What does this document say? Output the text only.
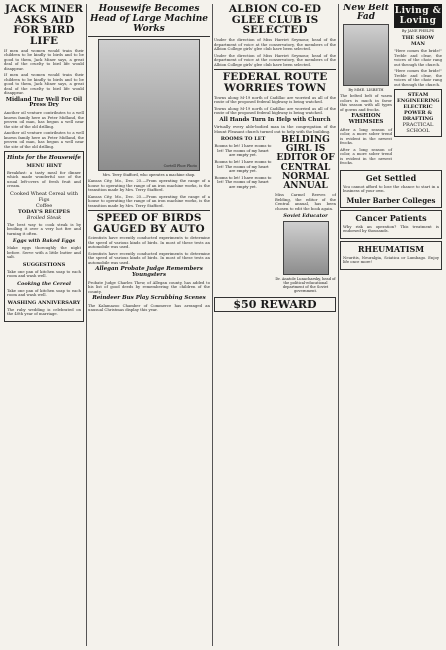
JACK MINER ASKS AID FOR BIRD LIFE

If men and women would train their children to be kindly to birds and to be good to them, Jack Miner says, a great deal of the cruelty to bird life would disappear.

If men and women would train their children to be kindly to birds and to be good to them, Jack Miner says, a great deal of the cruelty to bird life would disappear.

Midland Tur Well For Oil Press Dry

Another oil venture contributes to a well known family here as Peter Midland, the proven oil man, has begun a well near the site of the old drilling.

Another oil venture contributes to a well known family here as Peter Midland, the proven oil man, has begun a well near the site of the old drilling.

Hints for the Housewife
MENU HINT

Breakfast: a tasty meal for dinner which made wonderful use of the usual left-overs of fresh fruit and cream.

Cooked Wheat Cereal with Figs
Coffee
TODAY'S RECIPES
Broiled Steak

The best way to cook steak is by broiling it over a very hot fire and turning it often.

Eggs with Baked Eggs

Make eggs thoroughly the night before. Serve with a little butter and salt.

SUGGESTIONS

Take one pan of kitchen soap to each room and wash well.

Cooking the Cereal

Take one pan of kitchen soap to each room and wash well.

WASHING ANNIVERSARY

The ruby wedding is celebrated on the 40th year of marriage.

Housewife Becomes Head of Large Machine Works
Cortell Phoe Photo
Mrs. Terry Stafford, who operates a machine shop.

Kansas City, Mo., Dec. 25.—From operating the range of a house to operating the range of an iron machine works, is the transition made by Mrs. Terry Stafford.

Kansas City, Mo., Dec. 25.—From operating the range of a house to operating the range of an iron machine works, is the transition made by Mrs. Terry Stafford.

SPEED OF BIRDS GAUGED BY AUTO

Scientists have recently conducted experiments to determine the speed of various kinds of birds. In most of these tests an automobile was used.

Scientists have recently conducted experiments to determine the speed of various kinds of birds. In most of these tests an automobile was used.

Allegan Probate Judge Remembers Youngsters

Probate Judge Charles Thew, of Allegan county, has added to his list of good deeds by remembering the children of the county.

Reindeer Bus Play Scrubbing Scenes

The Kalamazoo Chamber of Commerce has arranged an unusual Christmas display this year.

ALBION CO-ED GLEE CLUB IS SELECTED

Under the direction of Miss Harriet Seymour, head of the department of voice at the conservatory, the members of the Albion College girls' glee club have been selected.

Under the direction of Miss Harriet Seymour, head of the department of voice at the conservatory, the members of the Albion College girls' glee club have been selected.

FEDERAL ROUTE WORRIES TOWN

Towns along M-19 north of Cadillac are worried as all of the route of the proposed federal highway is being watched.

Towns along M-19 north of Cadillac are worried as all of the route of the proposed federal highway is being watched.

All Hands Turn In Help with Church

Virtually every able-bodied man in the congregation of the Mount Pleasant church turned out to help with the building.

ROOMS TO LET
Rooms to let! I have rooms to let! The rooms of my heart are empty yet.
Rooms to let! I have rooms to let! The rooms of my heart are empty yet.
Rooms to let! I have rooms to let! The rooms of my heart are empty yet.
BELDING GIRL IS EDITOR OF CENTRAL NORMAL ANNUAL

Miss Carmel Reeves of Belding, the editor of the Central annual, has been chosen to edit the book again.

Soviet Educator
Dr. Anatole Lunacharsky, head of the political-educational department of the Soviet government.
$50 REWARD
New Belt Fad
By MME. LISBETH

The belted belt of warm colors is much in favor this season with all types of gowns and frocks.

FASHION WHIMSIES

After a long season of color, a more sober trend is evident in the newest frocks.

After a long season of color, a more sober trend is evident in the newest frocks.

Living & Loving
By JANE PHELPS
THE SHOW MAN

"Here comes the bride!" Treble and clear, the voices of the choir rang out through the church.

"Here comes the bride!" Treble and clear, the voices of the choir rang out through the church.

STEAM ENGINEERING ELECTRIC POWER & DRAFTING
PRACTICAL SCHOOL
Get Settled

You cannot afford to lose the chance to start in a business of your own.

Muler Barber Colleges
Cancer Patients

Why risk an operation? This treatment is endorsed by thousands.

RHEUMATISM

Neuritis, Neuralgia, Sciatica or Lumbago. Enjoy life once more!
